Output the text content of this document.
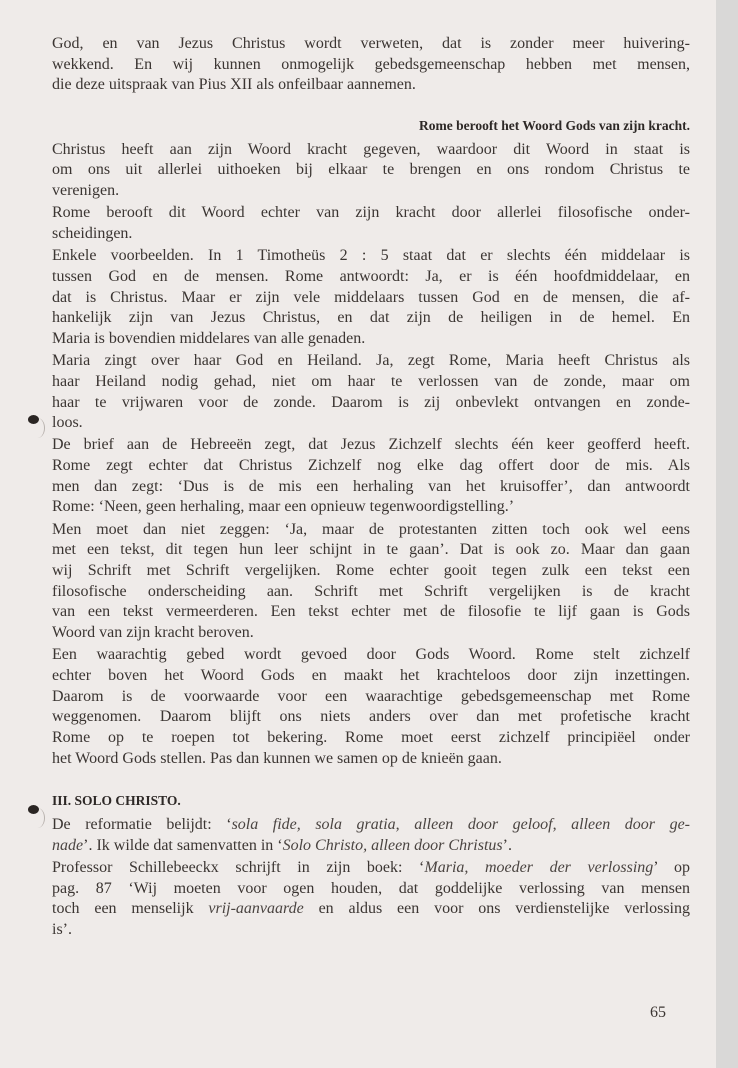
God, en van Jezus Christus wordt verweten, dat is zonder meer huivering-
wekkend. En wij kunnen onmogelijk gebedsgemeenschap hebben met mensen,
die deze uitspraak van Pius XII als onfeilbaar aannemen.
Rome berooft het Woord Gods van zijn kracht.
Christus heeft aan zijn Woord kracht gegeven, waardoor dit Woord in staat is
om ons uit allerlei uithoeken bij elkaar te brengen en ons rondom Christus te
verenigen.
Rome berooft dit Woord echter van zijn kracht door allerlei filosofische onder-
scheidingen.
Enkele voorbeelden. In 1 Timotheüs 2 : 5 staat dat er slechts één middelaar is
tussen God en de mensen. Rome antwoordt: Ja, er is één hoofdmiddelaar, en
dat is Christus. Maar er zijn vele middelaars tussen God en de mensen, die af-
hankelijk zijn van Jezus Christus, en dat zijn de heiligen in de hemel. En
Maria is bovendien middelares van alle genaden.
Maria zingt over haar God en Heiland. Ja, zegt Rome, Maria heeft Christus als
haar Heiland nodig gehad, niet om haar te verlossen van de zonde, maar om
haar te vrijwaren voor de zonde. Daarom is zij onbevlekt ontvangen en zonde-
loos.
De brief aan de Hebreeën zegt, dat Jezus Zichzelf slechts één keer geofferd heeft.
Rome zegt echter dat Christus Zichzelf nog elke dag offert door de mis. Als
men dan zegt: ‘Dus is de mis een herhaling van het kruisoffer’, dan antwoordt
Rome: ‘Neen, geen herhaling, maar een opnieuw tegenwoordigstelling.’
Men moet dan niet zeggen: ‘Ja, maar de protestanten zitten toch ook wel eens
met een tekst, dit tegen hun leer schijnt in te gaan’. Dat is ook zo. Maar dan gaan
wij Schrift met Schrift vergelijken. Rome echter gooit tegen zulk een tekst een
filosofische onderscheiding aan. Schrift met Schrift vergelijken is de kracht
van een tekst vermeerderen. Een tekst echter met de filosofie te lijf gaan is Gods
Woord van zijn kracht beroven.
Een waarachtig gebed wordt gevoed door Gods Woord. Rome stelt zichzelf
echter boven het Woord Gods en maakt het krachteloos door zijn inzettingen.
Daarom is de voorwaarde voor een waarachtige gebedsgemeenschap met Rome
weggenomen. Daarom blijft ons niets anders over dan met profetische kracht
Rome op te roepen tot bekering. Rome moet eerst zichzelf principiëel onder
het Woord Gods stellen. Pas dan kunnen we samen op de knieën gaan.
III. SOLO CHRISTO.
De reformatie belijdt: ‘sola fide, sola gratia, alleen door geloof, alleen door ge-
nade’. Ik wilde dat samenvatten in ‘Solo Christo, alleen door Christus’.
Professor Schillebeeckx schrijft in zijn boek: ‘Maria, moeder der verlossing’ op
pag. 87 ‘Wij moeten voor ogen houden, dat goddelijke verlossing van mensen
toch een menselijk vrij-aanvaarde en aldus een voor ons verdienstelijke verlossing
is’.
65
